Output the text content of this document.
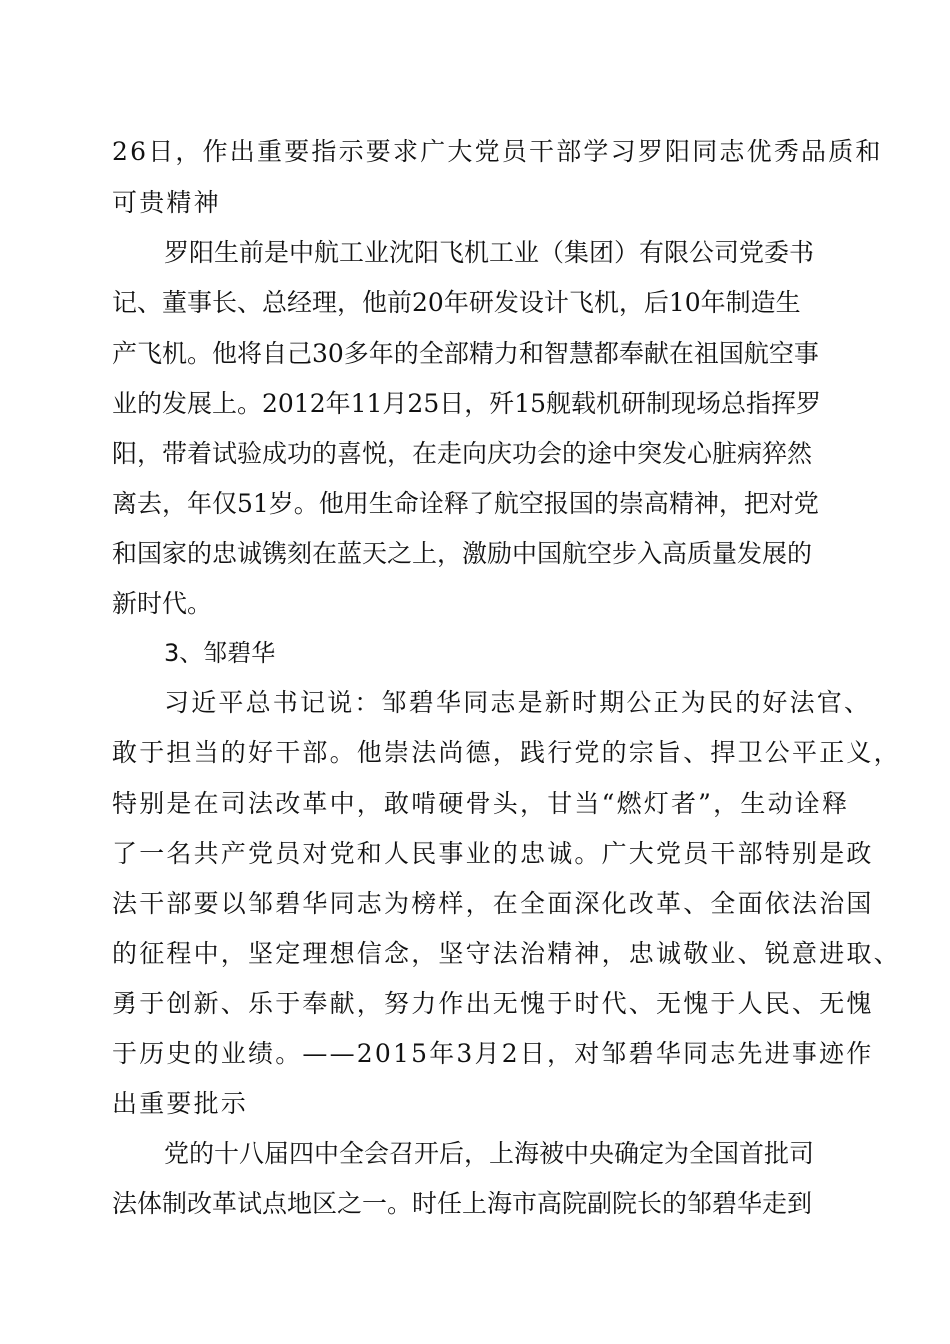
26日，作出重要指示要求广大党员干部学习罗阳同志优秀品质和
可贵精神
罗阳生前是中航工业沈阳飞机工业（集团）有限公司党委书
记、董事长、总经理，他前20年研发设计飞机，后10年制造生
产飞机。他将自己30多年的全部精力和智慧都奉献在祖国航空事
业的发展上。2012年11月25日，歼15舰载机研制现场总指挥罗
阳，带着试验成功的喜悦，在走向庆功会的途中突发心脏病猝然
离去，年仅51岁。他用生命诠释了航空报国的崇高精神，把对党
和国家的忠诚镌刻在蓝天之上，激励中国航空步入高质量发展的
新时代。
3、邹碧华
习近平总书记说：邹碧华同志是新时期公正为民的好法官、
敢于担当的好干部。他崇法尚德，践行党的宗旨、捍卫公平正义，
特别是在司法改革中，敢啃硬骨头，甘当“燃灯者”，生动诠释
了一名共产党员对党和人民事业的忠诚。广大党员干部特别是政
法干部要以邹碧华同志为榜样，在全面深化改革、全面依法治国
的征程中，坚定理想信念，坚守法治精神，忠诚敬业、锐意进取、
勇于创新、乐于奉献，努力作出无愧于时代、无愧于人民、无愧
于历史的业绩。——2015年3月2日，对邹碧华同志先进事迹作
出重要批示
党的十八届四中全会召开后，上海被中央确定为全国首批司
法体制改革试点地区之一。时任上海市高院副院长的邹碧华走到
